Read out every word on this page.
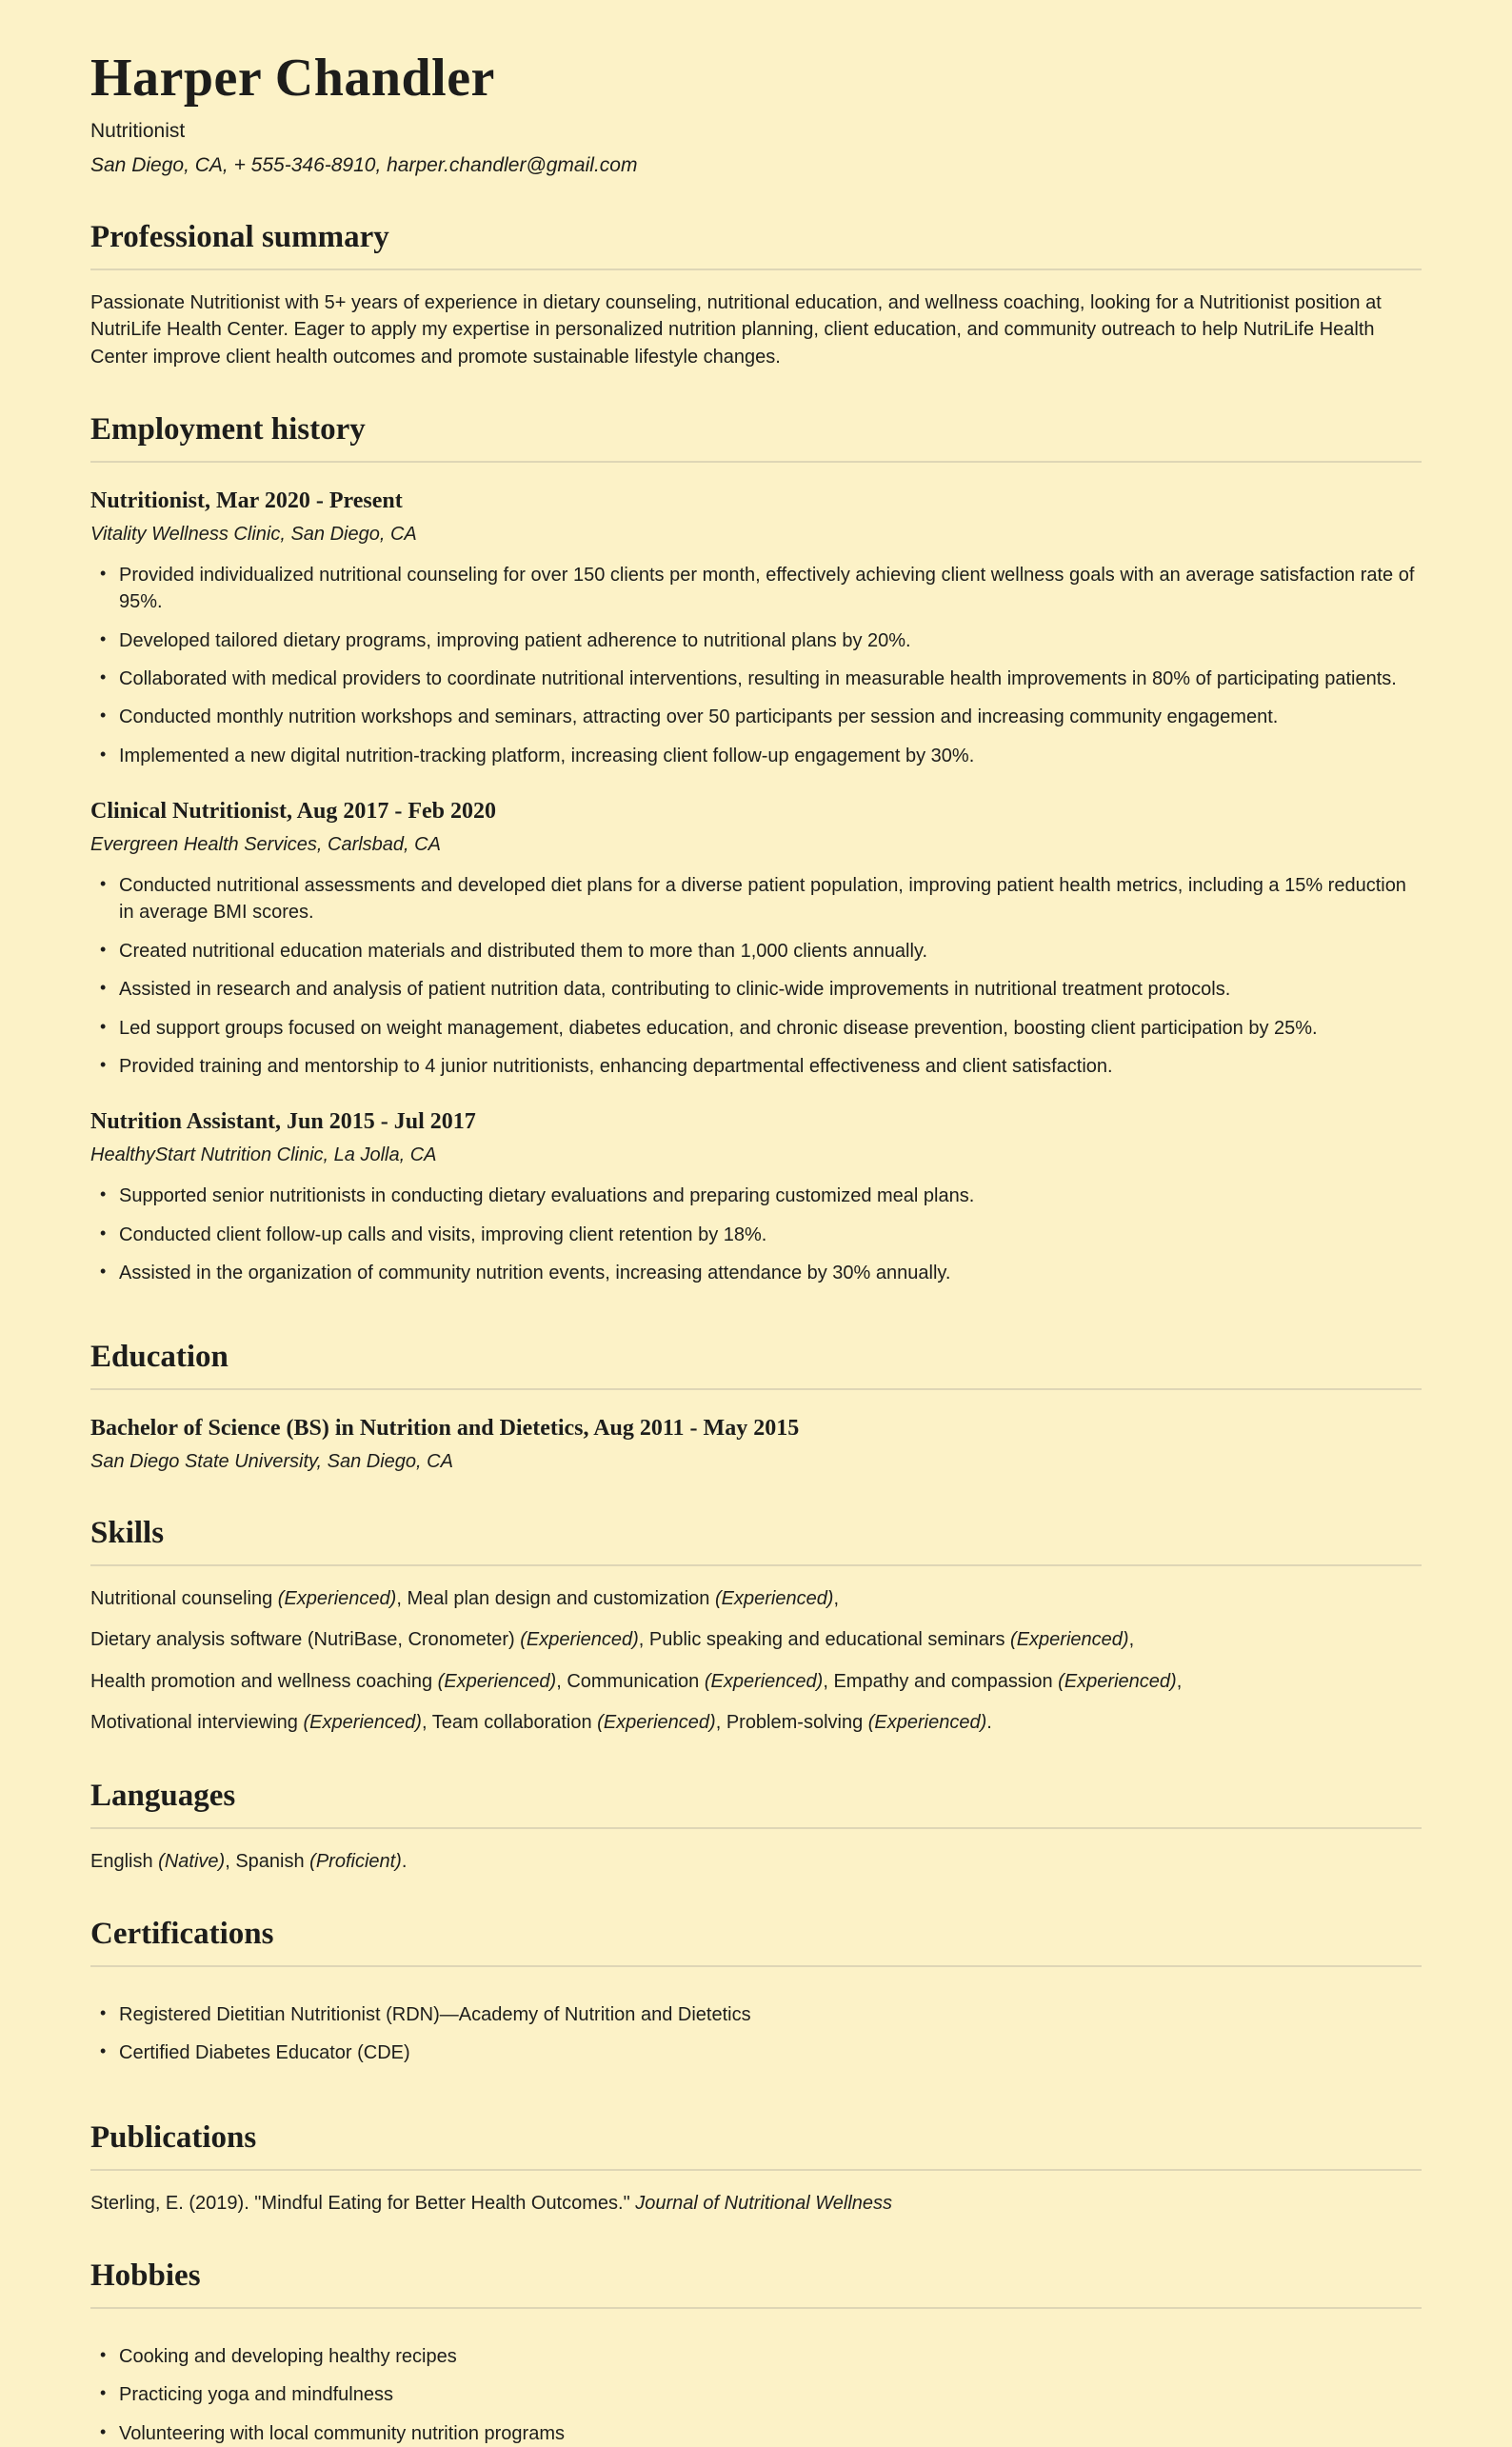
Harper Chandler
Nutritionist
San Diego, CA, + 555-346-8910, harper.chandler@gmail.com
Professional summary

Passionate Nutritionist with 5+ years of experience in dietary counseling, nutritional education, and wellness coaching, looking for a Nutritionist position at NutriLife Health Center. Eager to apply my expertise in personalized nutrition planning, client education, and community outreach to help NutriLife Health Center improve client health outcomes and promote sustainable lifestyle changes.

Employment history
Nutritionist, Mar 2020 - Present
Vitality Wellness Clinic, San Diego, CA
• Provided individualized nutritional counseling for over 150 clients per month, effectively achieving client wellness goals with an average satisfaction rate of 95%.
• Developed tailored dietary programs, improving patient adherence to nutritional plans by 20%.
• Collaborated with medical providers to coordinate nutritional interventions, resulting in measurable health improvements in 80% of participating patients.
• Conducted monthly nutrition workshops and seminars, attracting over 50 participants per session and increasing community engagement.
• Implemented a new digital nutrition-tracking platform, increasing client follow-up engagement by 30%.
Clinical Nutritionist, Aug 2017 - Feb 2020
Evergreen Health Services, Carlsbad, CA
• Conducted nutritional assessments and developed diet plans for a diverse patient population, improving patient health metrics, including a 15% reduction in average BMI scores.
• Created nutritional education materials and distributed them to more than 1,000 clients annually.
• Assisted in research and analysis of patient nutrition data, contributing to clinic-wide improvements in nutritional treatment protocols.
• Led support groups focused on weight management, diabetes education, and chronic disease prevention, boosting client participation by 25%.
• Provided training and mentorship to 4 junior nutritionists, enhancing departmental effectiveness and client satisfaction.
Nutrition Assistant, Jun 2015 - Jul 2017
HealthyStart Nutrition Clinic, La Jolla, CA
• Supported senior nutritionists in conducting dietary evaluations and preparing customized meal plans.
• Conducted client follow-up calls and visits, improving client retention by 18%.
• Assisted in the organization of community nutrition events, increasing attendance by 30% annually.
Education
Bachelor of Science (BS) in Nutrition and Dietetics, Aug 2011 - May 2015
San Diego State University, San Diego, CA
Skills

Nutritional counseling (Experienced), Meal plan design and customization (Experienced),

Dietary analysis software (NutriBase, Cronometer) (Experienced), Public speaking and educational seminars (Experienced),

Health promotion and wellness coaching (Experienced), Communication (Experienced), Empathy and compassion (Experienced),

Motivational interviewing (Experienced), Team collaboration (Experienced), Problem-solving (Experienced).

Languages

English (Native), Spanish (Proficient).

Certifications
• Registered Dietitian Nutritionist (RDN)—Academy of Nutrition and Dietetics
• Certified Diabetes Educator (CDE)
Publications

Sterling, E. (2019). "Mindful Eating for Better Health Outcomes." Journal of Nutritional Wellness

Hobbies
• Cooking and developing healthy recipes
• Practicing yoga and mindfulness
• Volunteering with local community nutrition programs
